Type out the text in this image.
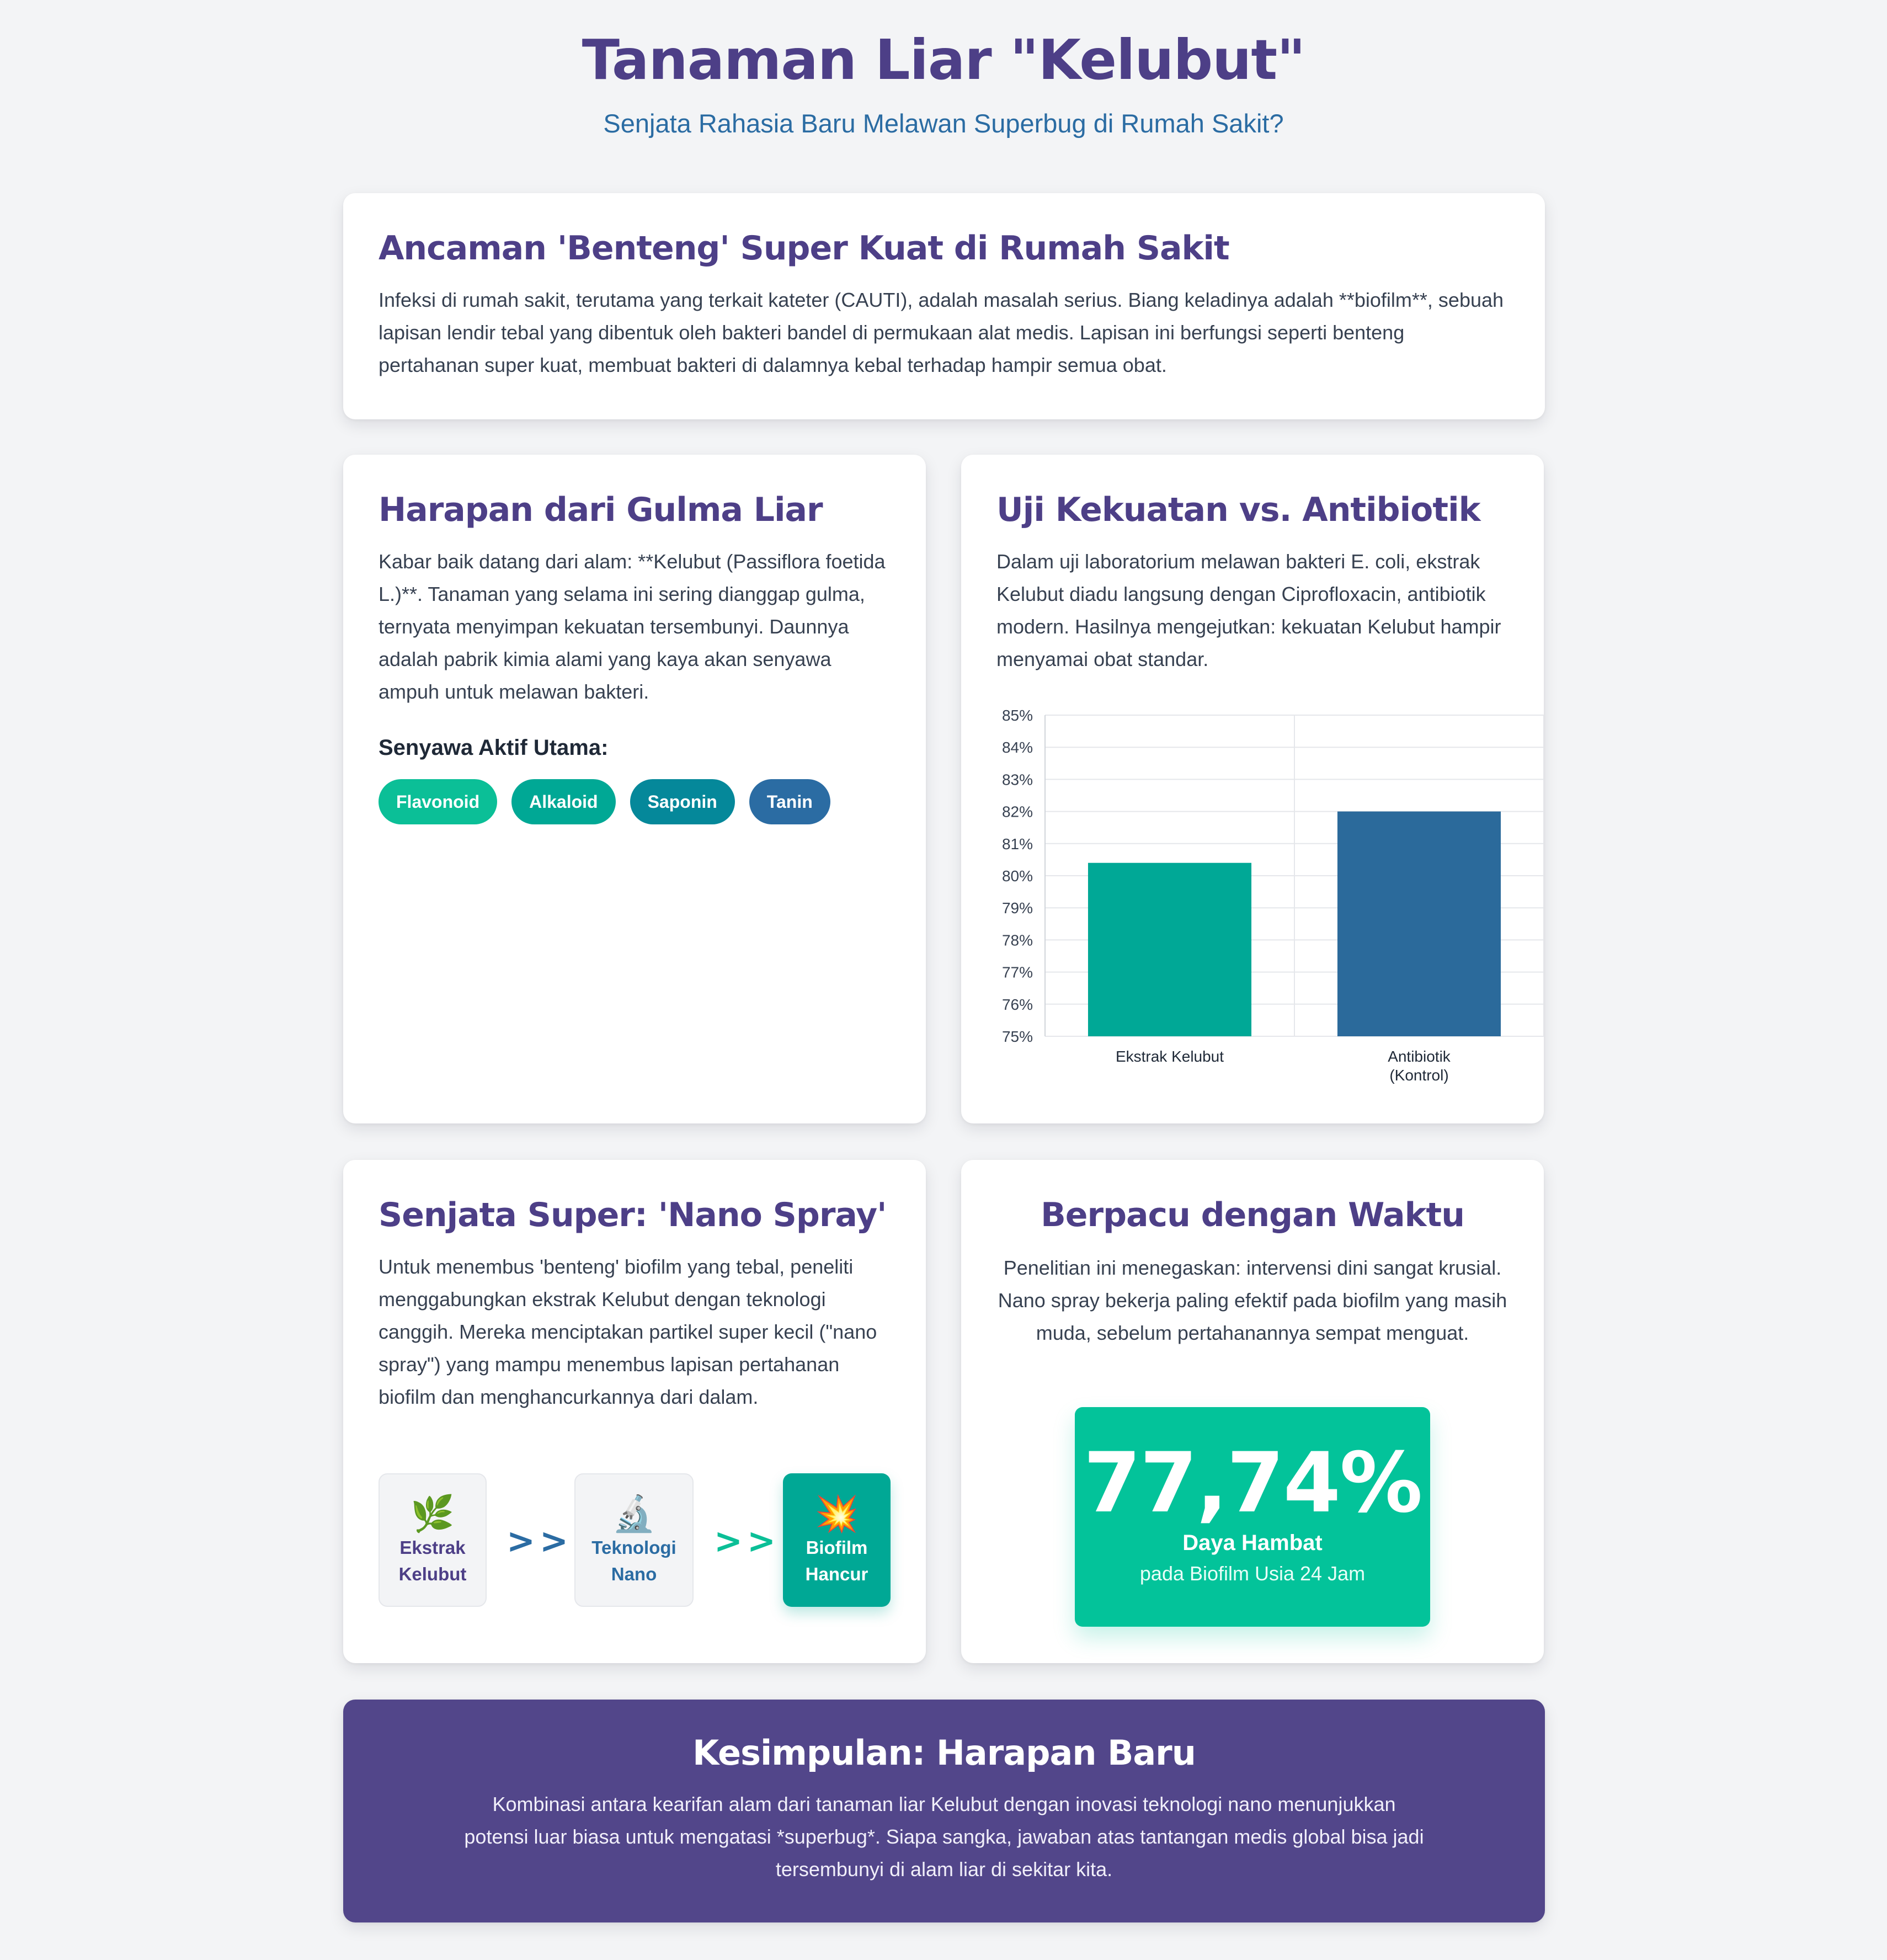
Tanaman Liar "Kelubut"
Senjata Rahasia Baru Melawan Superbug di Rumah Sakit?
Ancaman 'Benteng' Super Kuat di Rumah Sakit

Infeksi di rumah sakit, terutama yang terkait kateter (CAUTI), adalah masalah serius. Biang keladinya adalah **biofilm**, sebuah lapisan lendir tebal yang dibentuk oleh bakteri bandel di permukaan alat medis. Lapisan ini berfungsi seperti benteng pertahanan super kuat, membuat bakteri di dalamnya kebal terhadap hampir semua obat.

Harapan dari Gulma Liar

Kabar baik datang dari alam: **Kelubut (Passiflora foetida L.)**. Tanaman yang selama ini sering dianggap gulma, ternyata menyimpan kekuatan tersembunyi. Daunnya adalah pabrik kimia alami yang kaya akan senyawa ampuh untuk melawan bakteri.

Senyawa Aktif Utama:
Flavonoid	Alkaloid	Saponin	Tanin
Uji Kekuatan vs. Antibiotik

Dalam uji laboratorium melawan bakteri E. coli, ekstrak Kelubut diadu langsung dengan Ciprofloxacin, antibiotik modern. Hasilnya mengejutkan: kekuatan Kelubut hampir menyamai obat standar.

75%
76%
77%
78%
79%
80%
81%
82%
83%
84%
85%
Ekstrak Kelubut	Antibiotik
(Kontrol)
Senjata Super: 'Nano Spray'

Untuk menembus 'benteng' biofilm yang tebal, peneliti menggabungkan ekstrak Kelubut dengan teknologi canggih. Mereka menciptakan partikel super kecil ("nano spray") yang mampu menembus lapisan pertahanan biofilm dan menghancurkannya dari dalam.

🌿
Ekstrak
Kelubut
>>
🔬
Teknologi
Nano
>>
💥
Biofilm
Hancur
Berpacu dengan Waktu

Penelitian ini menegaskan: intervensi dini sangat krusial. Nano spray bekerja paling efektif pada biofilm yang masih muda, sebelum pertahanannya sempat menguat.

77,74%
Daya Hambat
pada Biofilm Usia 24 Jam
Kesimpulan: Harapan Baru

Kombinasi antara kearifan alam dari tanaman liar Kelubut dengan inovasi teknologi nano menunjukkan potensi luar biasa untuk mengatasi *superbug*. Siapa sangka, jawaban atas tantangan medis global bisa jadi tersembunyi di alam liar di sekitar kita.
